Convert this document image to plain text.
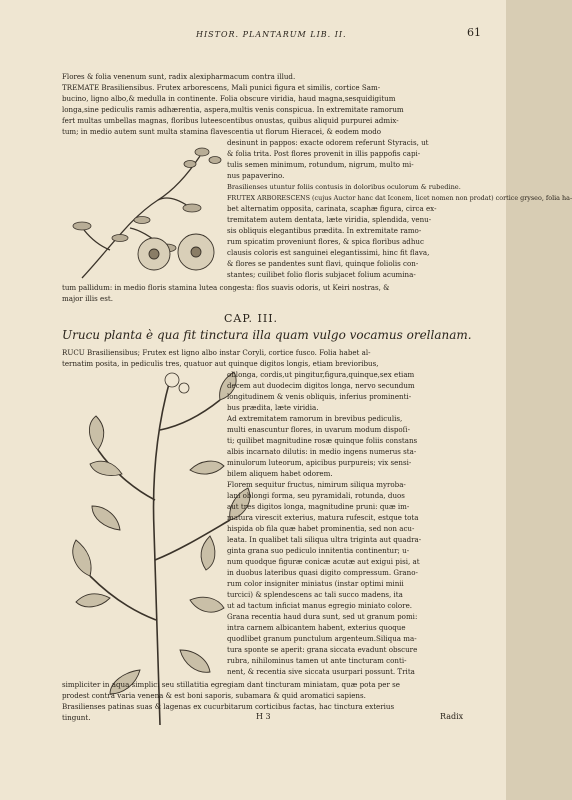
HISTOR. PLANTARUM LIB. II.	61
Flores & folia venenum sunt, radix alexipharmacum contra illud.
TREMATE Brasiliensibus. Frutex arborescens, Mali punici figura et similis, cortice Sam-
bucino, ligno albo,& medulla in continente. Folia obscure viridia, haud magna,sesquidigitum
longa,sine pediculis ramis adhærentia, aspera,multis venis conspicua. In extremitate ramorum
fert multas umbellas magnas, floribus luteescentibus onustas, quibus aliquid purpurei admix-
tum; in medio autem sunt multa stamina flavescentia ut florum Hieracei, & eodem modo
desinunt in pappos: exacte odorem referunt Styracis, ut
& folia trita. Post flores provenit in illis pappofis capi-
tulis semen minimum, rotundum, nigrum, multo mi-
nus papaverino.
Brasilienses utuntur foliis contusis in doloribus oculorum & rubedine.
FRUTEX ARBORESCENS (cujus Auctor hanc dat Iconem, licet nomen non prodat) cortice gryseo, folia ha-
bet alternatim opposita, carinata, scaphæ figura, circa ex-
tremitatem autem dentata, læte viridia, splendida, venu-
sis obliquis elegantibus prædita. In extremitate ramo-
rum spicatim proveniunt flores, & spica floribus adhuc
clausis coloris est sanguinei elegantissimi, hinc fit flava,
& flores se pandentes sunt flavi, quinque foliolis con-
stantes; cuilibet folio floris subjacet folium acumina-
tum pallidum: in medio floris stamina lutea congesta: flos suavis odoris, ut Keiri nostras, &
major illis est.
CAP. III.
Urucu planta è qua fit tinctura illa quam vulgo vocamus orellanam.
RUCU Brasiliensibus; Frutex est ligno albo instar Coryli, cortice fusco. Folia habet al-
ternatim posita, in pediculis tres, quatuor aut quinque digitos longis, etiam brevioribus,
oblonga, cordis,ut pingitur,figura,quinque,sex etiam
decem aut duodecim digitos longa, nervo secundum
longitudinem & venis obliquis, inferius prominenti-
bus prædita, læte viridia.
Ad extremitatem ramorum in brevibus pediculis,
multi enascuntur flores, in uvarum modum dispoſi-
ti; quilibet magnitudine rosæ quinque foliis constans
albis incarnato dilutis: in medio ingens numerus sta-
minulorum luteorum, apicibus purpureis; vix sensi-
bilem aliquem habet odorem.
Florem sequitur fructus, nimirum siliqua myroba-
lani oblongi forma, seu pyramidali, rotunda, duos
aut tres digitos longa, magnitudine pruni: quæ im-
matura virescit exterius, matura rufescit, estque tota
hispida ob fila quæ habet prominentia, sed non acu-
leata. In qualibet tali siliqua ultra triginta aut quadra-
ginta grana suo pediculo innitentia continentur; u-
num quodque figuræ conicæ acutæ aut exigui pisi, at
in duobus lateribus quasi digito compressum. Grano-
rum color insigniter miniatus (instar optimi minii
turcici) & splendescens ac tali succo madens, ita
ut ad tactum inficiat manus egregio miniato colore.
Grana recentia haud dura sunt, sed ut granum pomi:
intra carnem albicantem habent, exterius quoque
quodlibet granum punctulum argenteum.Siliqua ma-
tura sponte se aperit: grana siccata evadunt obscure
rubra, nihilominus tamen ut ante tincturam conti-
nent, & recentia sive siccata usurpari possunt. Trita
simpliciter in aqua simplici seu stillatitia egregiam dant tincturam miniatam, quæ pota per se
prodest contra varia venena & est boni saporis, subamara & quid aromatici sapiens.
Brasilienses patinas suas & lagenas ex cucurbitarum corticibus factas, hac tinctura exterius
tingunt.	H 3	Radix
